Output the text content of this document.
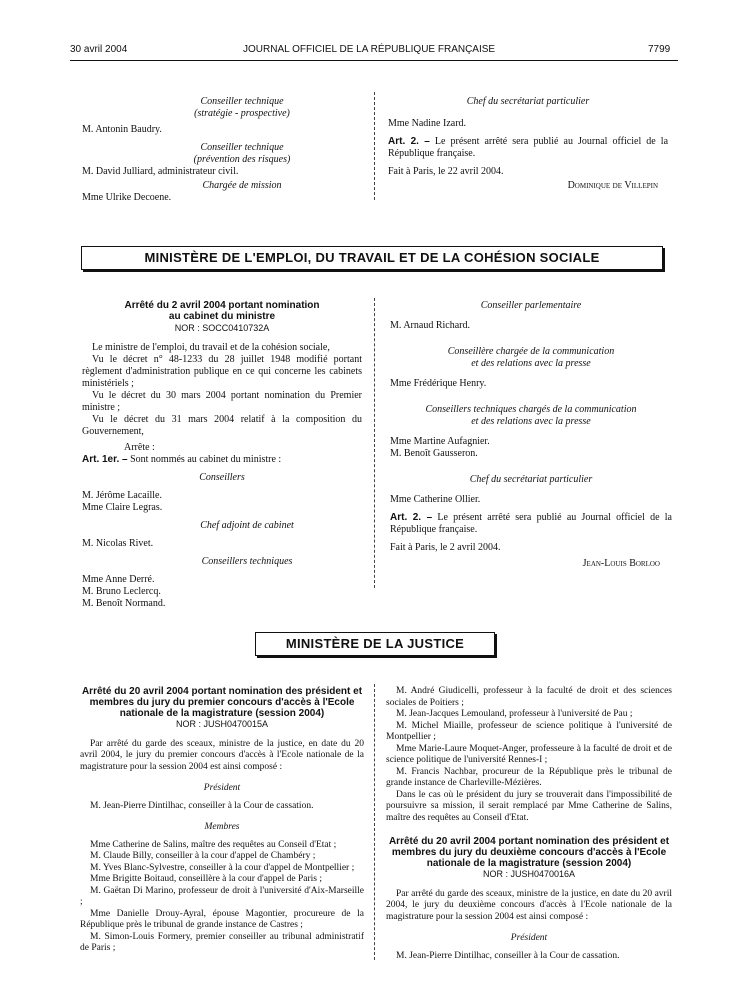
30 avril 2004	JOURNAL OFFICIEL DE LA RÉPUBLIQUE FRANÇAISE	7799

Conseiller technique

(stratégie - prospective)

M. Antonin Baudry.

Conseiller technique

(prévention des risques)

M. David Julliard, administrateur civil.

Chargée de mission

Mme Ulrike Decoene.

Chef du secrétariat particulier

Mme Nadine Izard.

Art. 2. – Le présent arrêté sera publié au Journal officiel de la République française.

Fait à Paris, le 22 avril 2004.

Dominique de Villepin

MINISTÈRE DE L'EMPLOI, DU TRAVAIL ET DE LA COHÉSION SOCIALE

Arrêté du 2 avril 2004 portant nomination

au cabinet du ministre

NOR : SOCC0410732A

Le ministre de l'emploi, du travail et de la cohésion sociale,

Vu le décret n° 48-1233 du 28 juillet 1948 modifié portant règlement d'administration publique en ce qui concerne les cabinets ministériels ;

Vu le décret du 30 mars 2004 portant nomination du Premier ministre ;

Vu le décret du 31 mars 2004 relatif à la composition du Gouvernement,

Arrête :

Art. 1er. – Sont nommés au cabinet du ministre :

Conseillers

M. Jérôme Lacaille.

Mme Claire Legras.

Chef adjoint de cabinet

M. Nicolas Rivet.

Conseillers techniques

Mme Anne Derré.

M. Bruno Leclercq.

M. Benoît Normand.

Conseiller parlementaire

M. Arnaud Richard.

Conseillère chargée de la communication

et des relations avec la presse

Mme Frédérique Henry.

Conseillers techniques chargés de la communication

et des relations avec la presse

Mme Martine Aufagnier.

M. Benoît Gausseron.

Chef du secrétariat particulier

Mme Catherine Ollier.

Art. 2. – Le présent arrêté sera publié au Journal officiel de la République française.

Fait à Paris, le 2 avril 2004.

Jean-Louis Borloo

MINISTÈRE DE LA JUSTICE

Arrêté du 20 avril 2004 portant nomination des président et membres du jury du premier concours d'accès à l'Ecole nationale de la magistrature (session 2004)

NOR : JUSH0470015A

Par arrêté du garde des sceaux, ministre de la justice, en date du 20 avril 2004, le jury du premier concours d'accès à l'Ecole nationale de la magistrature pour la session 2004 est ainsi composé :

Président

M. Jean-Pierre Dintilhac, conseiller à la Cour de cassation.

Membres

Mme Catherine de Salins, maître des requêtes au Conseil d'Etat ;

M. Claude Billy, conseiller à la cour d'appel de Chambéry ;

M. Yves Blanc-Sylvestre, conseiller à la cour d'appel de Montpellier ;

Mme Brigitte Boitaud, conseillère à la cour d'appel de Paris ;

M. Gaëtan Di Marino, professeur de droit à l'université d'Aix-Marseille ;

Mme Danielle Drouy-Ayral, épouse Magontier, procureure de la République près le tribunal de grande instance de Castres ;

M. Simon-Louis Formery, premier conseiller au tribunal administratif de Paris ;

M. André Giudicelli, professeur à la faculté de droit et des sciences sociales de Poitiers ;

M. Jean-Jacques Lemouland, professeur à l'université de Pau ;

M. Michel Miaille, professeur de science politique à l'université de Montpellier ;

Mme Marie-Laure Moquet-Anger, professeure à la faculté de droit et de science politique de l'université Rennes-I ;

M. Francis Nachbar, procureur de la République près le tribunal de grande instance de Charleville-Mézières.

Dans le cas où le président du jury se trouverait dans l'impossibilité de poursuivre sa mission, il serait remplacé par Mme Catherine de Salins, maître des requêtes au Conseil d'Etat.

Arrêté du 20 avril 2004 portant nomination des président et membres du jury du deuxième concours d'accès à l'Ecole nationale de la magistrature (session 2004)

NOR : JUSH0470016A

Par arrêté du garde des sceaux, ministre de la justice, en date du 20 avril 2004, le jury du deuxième concours d'accès à l'Ecole nationale de la magistrature pour la session 2004 est ainsi composé :

Président

M. Jean-Pierre Dintilhac, conseiller à la Cour de cassation.
